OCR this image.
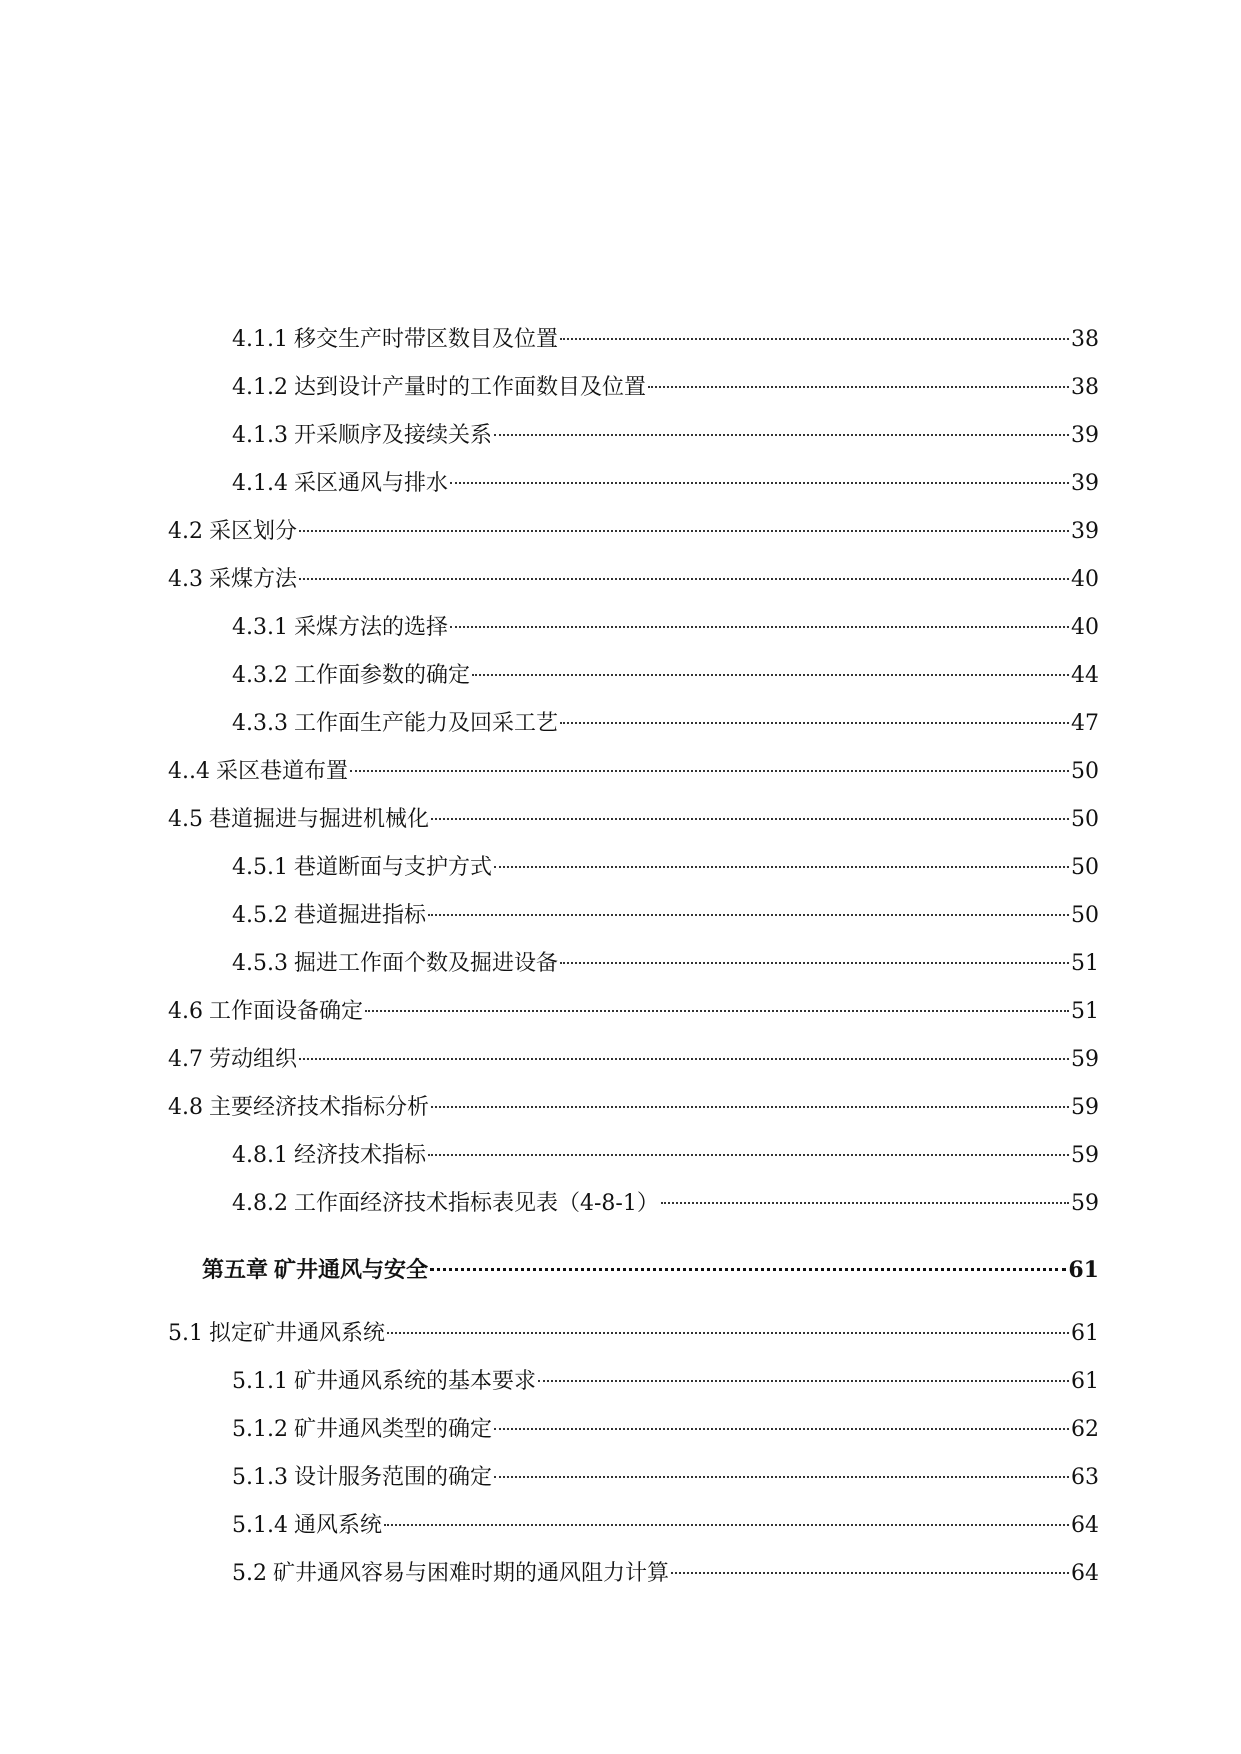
4.1.1 移交生产时带区数目及位置	38
4.1.2 达到设计产量时的工作面数目及位置	38
4.1.3 开采顺序及接续关系	39
4.1.4 采区通风与排水	39
4.2 采区划分	39
4.3 采煤方法	40
4.3.1 采煤方法的选择	40
4.3.2 工作面参数的确定	44
4.3.3 工作面生产能力及回采工艺	47
4..4 采区巷道布置	50
4.5 巷道掘进与掘进机械化	50
4.5.1 巷道断面与支护方式	50
4.5.2 巷道掘进指标	50
4.5.3 掘进工作面个数及掘进设备	51
4.6 工作面设备确定	51
4.7 劳动组织	59
4.8 主要经济技术指标分析	59
4.8.1 经济技术指标	59
4.8.2 工作面经济技术指标表见表（4-8-1）	59
第五章 矿井通风与安全	61
5.1 拟定矿井通风系统	61
5.1.1 矿井通风系统的基本要求	61
5.1.2 矿井通风类型的确定	62
5.1.3 设计服务范围的确定	63
5.1.4 通风系统	64
5.2 矿井通风容易与困难时期的通风阻力计算	64
